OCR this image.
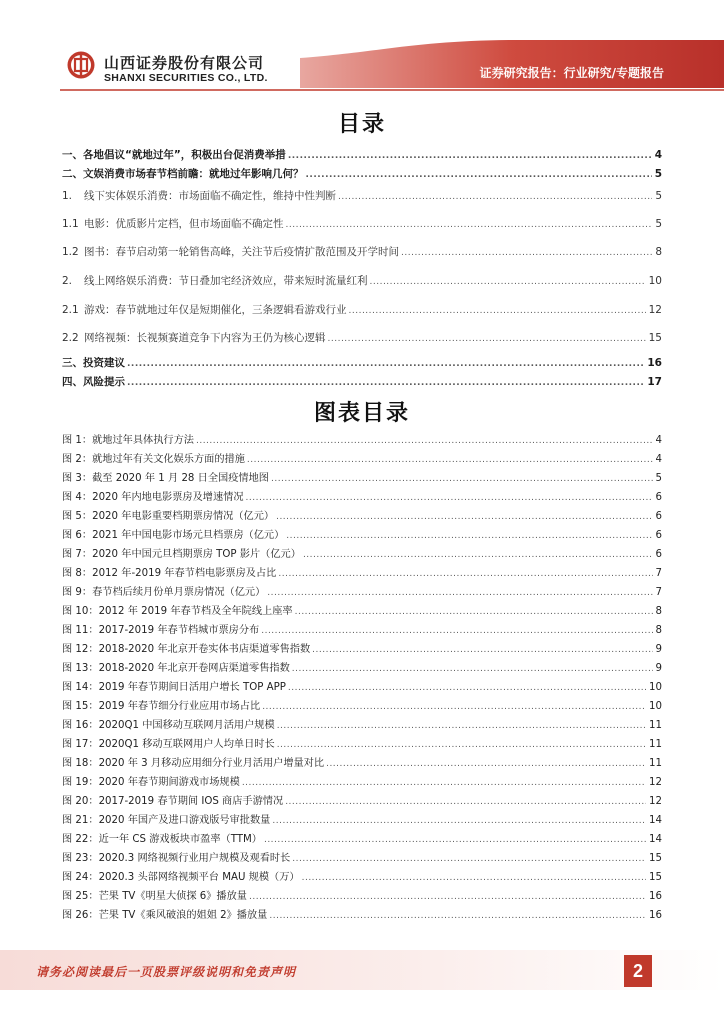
山西证券股份有限公司
SHANXI SECURITIES CO., LTD.	证券研究报告：行业研究/专题报告
目录
一、各地倡议“就地过年”，积极出台促消费举措 .....	4
二、文娱消费市场春节档前瞻：就地过年影响几何？ .....	5
1. 线下实体娱乐消费：市场面临不确定性，维持中性判断 .....	5
1.1 电影：优质影片定档，但市场面临不确定性 .....	5
1.2 图书：春节启动第一轮销售高峰，关注节后疫情扩散范围及开学时间 .....	8
2. 线上网络娱乐消费：节日叠加宅经济效应，带来短时流量红利 .....	10
2.1 游戏：春节就地过年仅是短期催化，三条逻辑看游戏行业 .....	12
2.2 网络视频：长视频赛道竞争下内容为王仍为核心逻辑 .....	15
三、投资建议 .....	16
四、风险提示 .....	17
图表目录
图 1：就地过年具体执行方法 .....	4
图 2：就地过年有关文化娱乐方面的措施 .....	4
图 3：截至 2020 年 1 月 28 日全国疫情地图 .....	5
图 4：2020 年内地电影票房及增速情况 .....	6
图 5：2020 年电影重要档期票房情况（亿元） .....	6
图 6：2021 年中国电影市场元旦档票房（亿元） .....	6
图 7：2020 年中国元旦档期票房 TOP 影片（亿元） .....	6
图 8：2012 年-2019 年春节档电影票房及占比 .....	7
图 9：春节档后续月份单月票房情况（亿元） .....	7
图 10：2012 年 2019 年春节档及全年院线上座率 .....	8
图 11：2017-2019 年春节档城市票房分布 .....	8
图 12：2018-2020 年北京开卷实体书店渠道零售指数 .....	9
图 13：2018-2020 年北京开卷网店渠道零售指数 .....	9
图 14：2019 年春节期间日活用户增长 TOP APP .....	10
图 15：2019 年春节细分行业应用市场占比 .....	10
图 16：2020Q1 中国移动互联网月活用户规模 .....	11
图 17：2020Q1 移动互联网用户人均单日时长 .....	11
图 18：2020 年 3 月移动应用细分行业月活用户增量对比 .....	11
图 19：2020 年春节期间游戏市场规模 .....	12
图 20：2017-2019 春节期间 IOS 商店手游情况 .....	12
图 21：2020 年国产及进口游戏版号审批数量 .....	14
图 22：近一年 CS 游戏板块市盈率（TTM） .....	14
图 23：2020.3 网络视频行业用户规模及观看时长 .....	15
图 24：2020.3 头部网络视频平台 MAU 规模（万） .....	15
图 25：芒果 TV《明星大侦探 6》播放量 .....	16
图 26：芒果 TV《乘风破浪的姐姐 2》播放量 .....	16
请务必阅读最后一页股票评级说明和免责声明	2
